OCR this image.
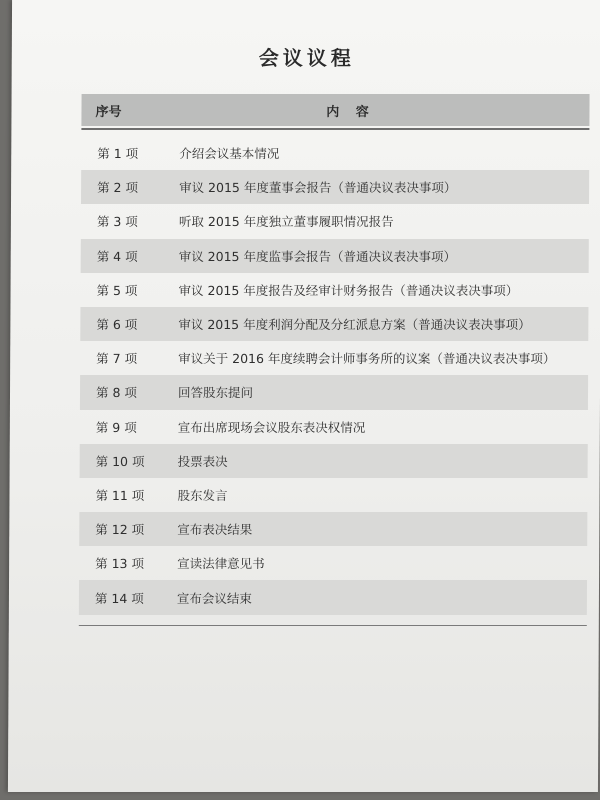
会议议程
序号	内 容
第 1 项	介绍会议基本情况
第 2 项	审议 2015 年度董事会报告（普通决议表决事项）
第 3 项	听取 2015 年度独立董事履职情况报告
第 4 项	审议 2015 年度监事会报告（普通决议表决事项）
第 5 项	审议 2015 年度报告及经审计财务报告（普通决议表决事项）
第 6 项	审议 2015 年度利润分配及分红派息方案（普通决议表决事项）
第 7 项	审议关于 2016 年度续聘会计师事务所的议案（普通决议表决事项）
第 8 项	回答股东提问
第 9 项	宣布出席现场会议股东表决权情况
第 10 项	投票表决
第 11 项	股东发言
第 12 项	宣布表决结果
第 13 项	宣读法律意见书
第 14 项	宣布会议结束
